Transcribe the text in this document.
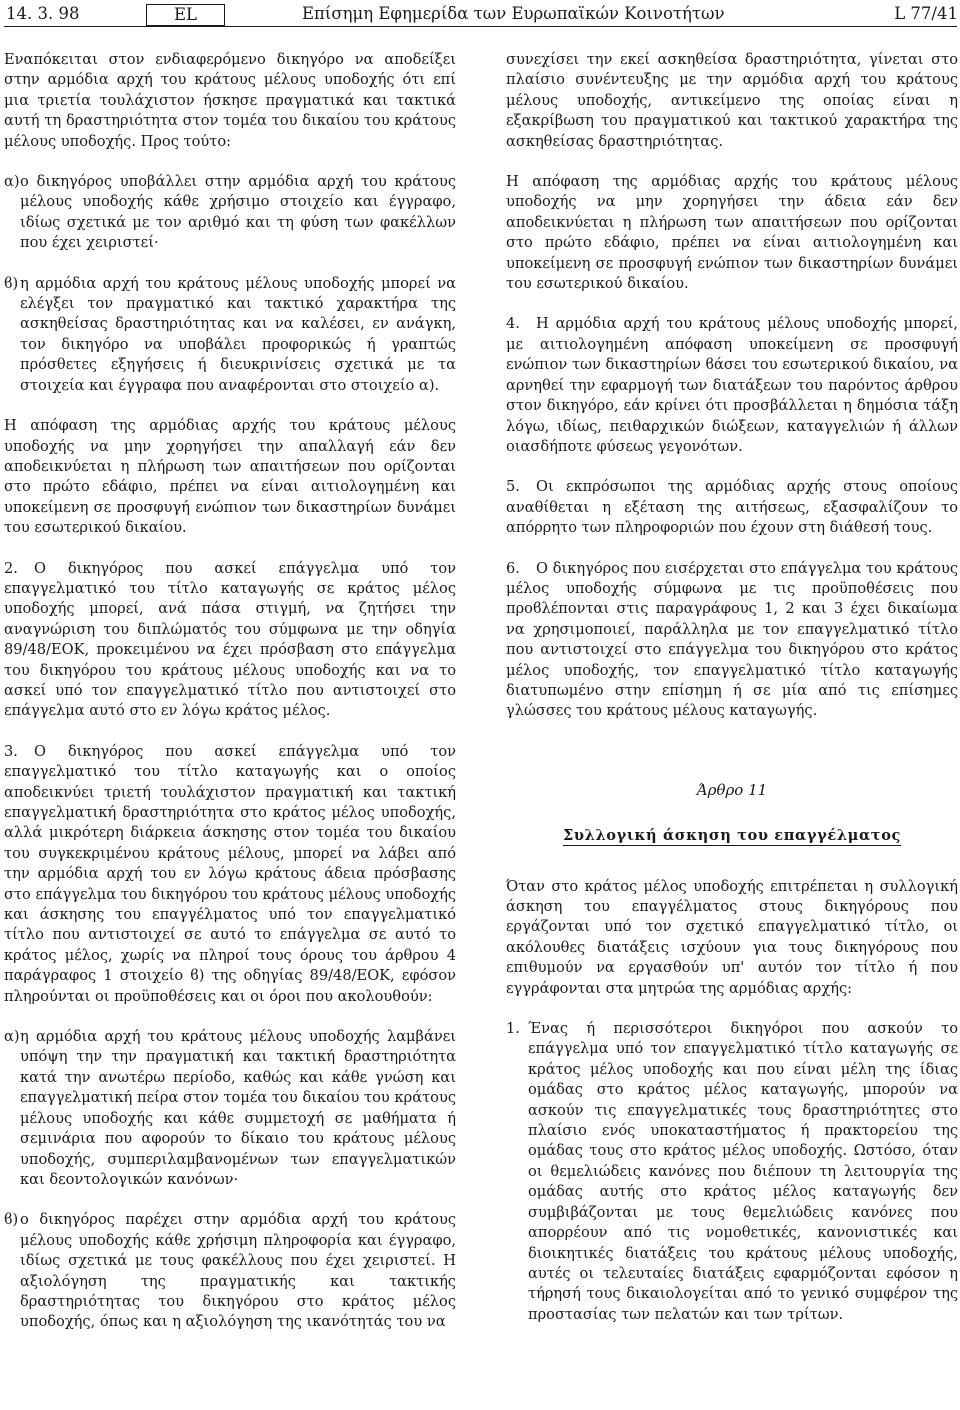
14. 3. 98	EL	Επίσημη Εφημερίδα των Ευρωπαϊκών Κοινοτήτων	L 77/41

Εναπόκειται στον ενδιαφερόμενο δικηγόρο να αποδείξει στην αρμόδια αρχή του κράτους μέλους υποδοχής ότι επί μια τριετία τουλάχιστον ήσκησε πραγματικά και τακτικά αυτή τη δραστηριότητα στον τομέα του δικαίου του κράτους μέλους υποδοχής. Προς τούτο:

α) ο δικηγόρος υποβάλλει στην αρμόδια αρχή του κράτους μέλους υποδοχής κάθε χρήσιμο στοιχείο και έγγραφο, ιδίως σχετικά με τον αριθμό και τη φύση των φακέλλων που έχει χειριστεί·
ϐ) η αρμόδια αρχή του κράτους μέλους υποδοχής μπορεί να ελέγξει τον πραγματικό και τακτικό χαρακτήρα της ασκηθείσας δραστηριότητας και να καλέσει, εν ανάγκη, τον δικηγόρο να υποβάλει προφορικώς ή γραπτώς πρόσθετες εξηγήσεις ή διευκρινίσεις σχετικά με τα στοιχεία και έγγραφα που αναφέρονται στο στοιχείο α).

Η απόφαση της αρμόδιας αρχής του κράτους μέλους υποδοχής να μην χορηγήσει την απαλλαγή εάν δεν αποδεικνύεται η πλήρωση των απαιτήσεων που ορίζονται στο πρώτο εδάφιο, πρέπει να είναι αιτιολογημένη και υποκείμενη σε προσφυγή ενώπιον των δικαστηρίων δυνάμει του εσωτερικού δικαίου.

2. Ο δικηγόρος που ασκεί επάγγελμα υπό τον επαγγελματικό του τίτλο καταγωγής σε κράτος μέλος υποδοχής μπορεί, ανά πάσα στιγμή, να ζητήσει την αναγνώριση του διπλώματός του σύμφωνα με την οδηγία 89/48/ΕΟΚ, προκειμένου να έχει πρόσβαση στο επάγγελμα του δικηγόρου του κράτους μέλους υποδοχής και να το ασκεί υπό τον επαγγελματικό τίτλο που αντιστοιχεί στο επάγγελμα αυτό στο εν λόγω κράτος μέλος.

3. Ο δικηγόρος που ασκεί επάγγελμα υπό τον επαγγελματικό του τίτλο καταγωγής και ο οποίος αποδεικνύει τριετή τουλάχιστον πραγματική και τακτική επαγγελματική δραστηριότητα στο κράτος μέλος υποδοχής, αλλά μικρότερη διάρκεια άσκησης στον τομέα του δικαίου του συγκεκριμένου κράτους μέλους, μπορεί να λάβει από την αρμόδια αρχή του εν λόγω κράτους άδεια πρόσβασης στο επάγγελμα του δικηγόρου του κράτους μέλους υποδοχής και άσκησης του επαγγέλματος υπό τον επαγγελματικό τίτλο που αντιστοιχεί σε αυτό το επάγγελμα σε αυτό το κράτος μέλος, χωρίς να πληροί τους όρους του άρθρου 4 παράγραφος 1 στοιχείο ϐ) της οδηγίας 89/48/ΕΟΚ, εφόσον πληρούνται οι προϋποθέσεις και οι όροι που ακολουθούν:

α) η αρμόδια αρχή του κράτους μέλους υποδοχής λαμβάνει υπόψη την την πραγματική και τακτική δραστηριότητα κατά την ανωτέρω περίοδο, καθώς και κάθε γνώση και επαγγελματική πείρα στον τομέα του δικαίου του κράτους μέλους υποδοχής και κάθε συμμετοχή σε μαθήματα ή σεμινάρια που αφορούν το δίκαιο του κράτους μέλους υποδοχής, συμπεριλαμβανομένων των επαγγελματικών και δεοντολογικών κανόνων·
ϐ) ο δικηγόρος παρέχει στην αρμόδια αρχή του κράτους μέλους υποδοχής κάθε χρήσιμη πληροφορία και έγγραφο, ιδίως σχετικά με τους φακέλλους που έχει χειριστεί. Η αξιολόγηση της πραγματικής και τακτικής δραστηριότητας του δικηγόρου στο κράτος μέλος υποδοχής, όπως και η αξιολόγηση της ικανότητάς του να

συνεχίσει την εκεί ασκηθείσα δραστηριότητα, γίνεται στο πλαίσιο συνέντευξης με την αρμόδια αρχή του κράτους μέλους υποδοχής, αντικείμενο της οποίας είναι η εξακρίβωση του πραγματικού και τακτικού χαρακτήρα της ασκηθείσας δραστηριότητας.

Η απόφαση της αρμόδιας αρχής του κράτους μέλους υποδοχής να μην χορηγήσει την άδεια εάν δεν αποδεικνύεται η πλήρωση των απαιτήσεων που ορίζονται στο πρώτο εδάφιο, πρέπει να είναι αιτιολογημένη και υποκείμενη σε προσφυγή ενώπιον των δικαστηρίων δυνάμει του εσωτερικού δικαίου.

4. Η αρμόδια αρχή του κράτους μέλους υποδοχής μπορεί, με αιτιολογημένη απόφαση υποκείμενη σε προσφυγή ενώπιον των δικαστηρίων ϐάσει του εσωτερικού δικαίου, να αρνηθεί την εφαρμογή των διατάξεων του παρόντος άρθρου στον δικηγόρο, εάν κρίνει ότι προσβάλλεται η δημόσια τάξη λόγω, ιδίως, πειθαρχικών διώξεων, καταγγελιών ή άλλων οιασδήποτε φύσεως γεγονότων.

5. Οι εκπρόσωποι της αρμόδιας αρχής στους οποίους αναθίθεται η εξέταση της αιτήσεως, εξασφαλίζουν το απόρρητο των πληροφοριών που έχουν στη διάθεσή τους.

6. Ο δικηγόρος που εισέρχεται στο επάγγελμα του κράτους μέλος υποδοχής σύμφωνα με τις προϋποθέσεις που προϐλέπονται στις παραγράφους 1, 2 και 3 έχει δικαίωμα να χρησιμοποιεί, παράλληλα με τον επαγγελματικό τίτλο που αντιστοιχεί στο επάγγελμα του δικηγόρου στο κράτος μέλος υποδοχής, τον επαγγελματικό τίτλο καταγωγής διατυπωμένο στην επίσημη ή σε μία από τις επίσημες γλώσσες του κράτους μέλους καταγωγής.

Άρθρο 11
Συλλογική άσκηση του επαγγέλματος

Όταν στο κράτος μέλος υποδοχής επιτρέπεται η συλλογική άσκηση του επαγγέλματος στους δικηγόρους που εργάζονται υπό τον σχετικό επαγγελματικό τίτλο, οι ακόλουθες διατάξεις ισχύουν για τους δικηγόρους που επιθυμούν να εργασθούν υπ' αυτόν τον τίτλο ή που εγγράφονται στα μητρώα της αρμόδιας αρχής:

1. Ένας ή περισσότεροι δικηγόροι που ασκούν το επάγγελμα υπό τον επαγγελματικό τίτλο καταγωγής σε κράτος μέλος υποδοχής και που είναι μέλη της ίδιας ομάδας στο κράτος μέλος καταγωγής, μπορούν να ασκούν τις επαγγελματικές τους δραστηριότητες στο πλαίσιο ενός υποκαταστήματος ή πρακτορείου της ομάδας τους στο κράτος μέλος υποδοχής. Ωστόσο, όταν οι θεμελιώδεις κανόνες που διέπουν τη λειτουργία της ομάδας αυτής στο κράτος μέλος καταγωγής δεν συμβιβάζονται με τους θεμελιώδεις κανόνες που απορρέουν από τις νομοθετικές, κανονιστικές και διοικητικές διατάξεις του κράτους μέλους υποδοχής, αυτές οι τελευταίες διατάξεις εφαρμόζονται εφόσον η τήρησή τους δικαιολογείται από το γενικό συμφέρον της προστασίας των πελατών και των τρίτων.
